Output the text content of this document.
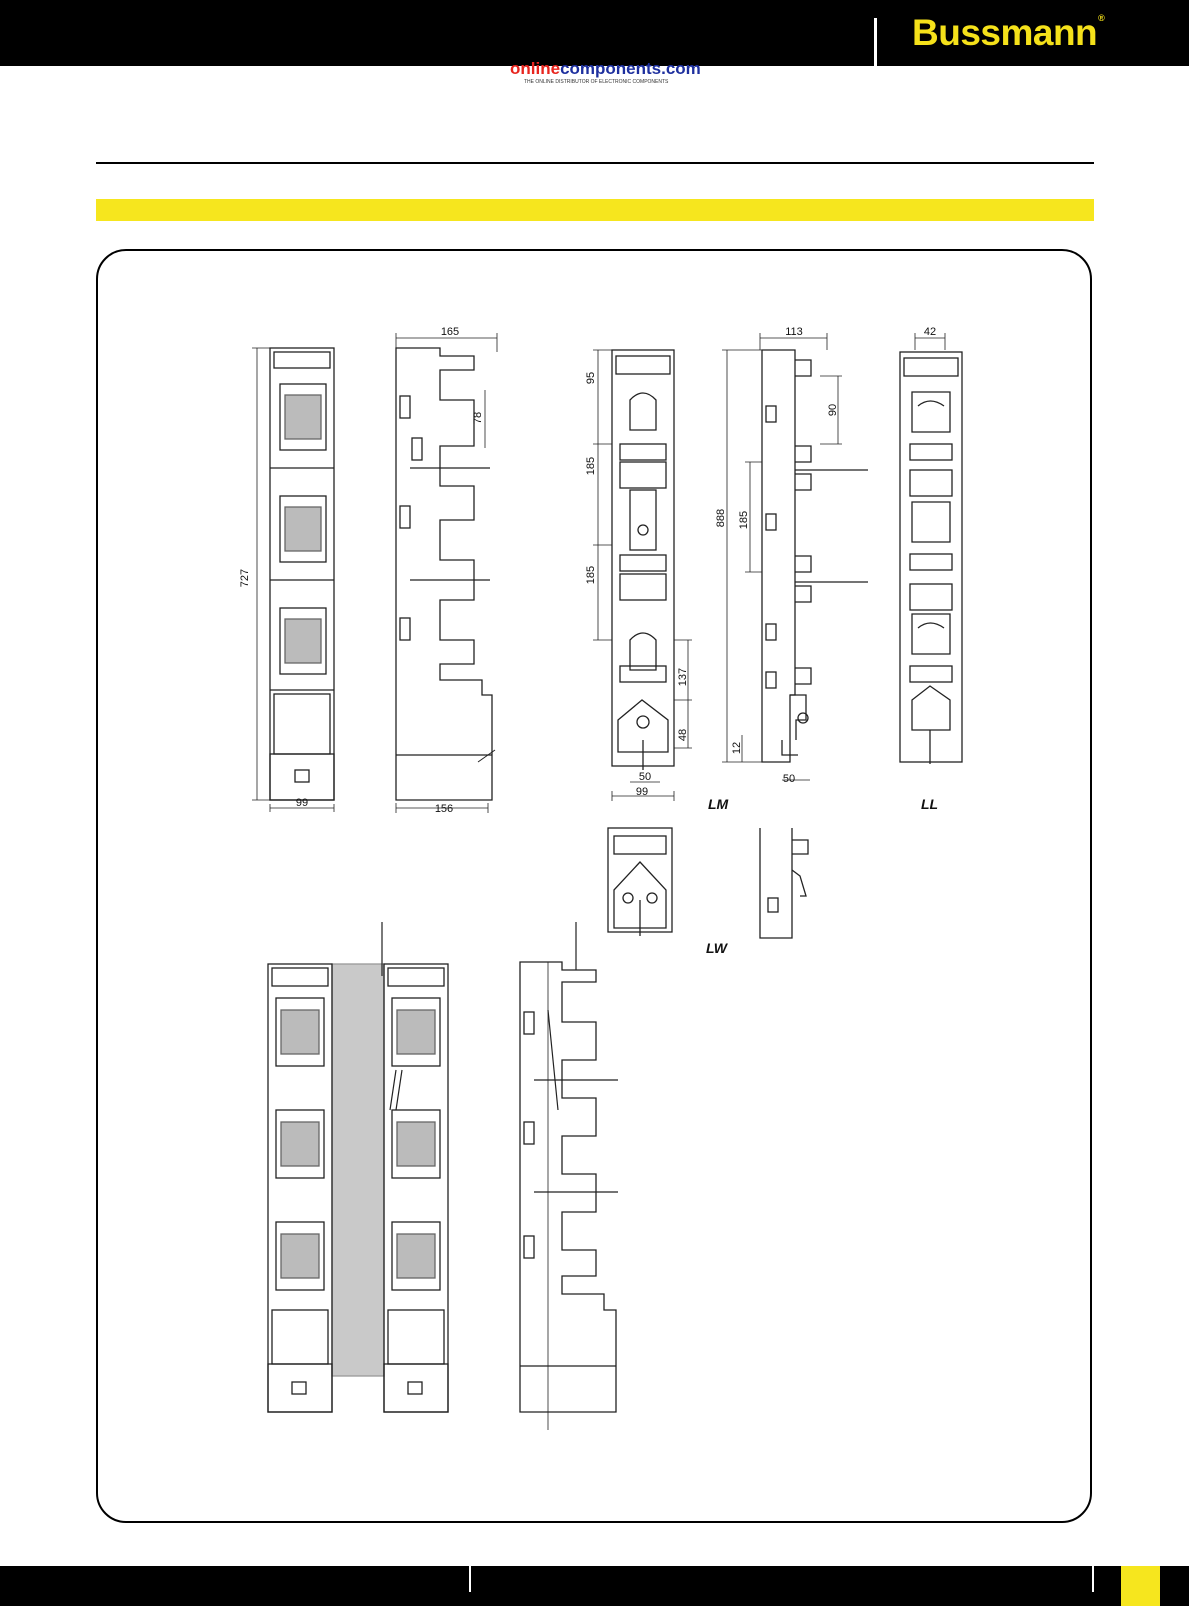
Bussmann®
onlinecomponents.com
THE ONLINE DISTRIBUTOR OF ELECTRONIC COMPONENTS
727
99
165
78
156
95
185
185
137
48
50
99
113
90
888 185
12
50
42
LM	LL
LW
